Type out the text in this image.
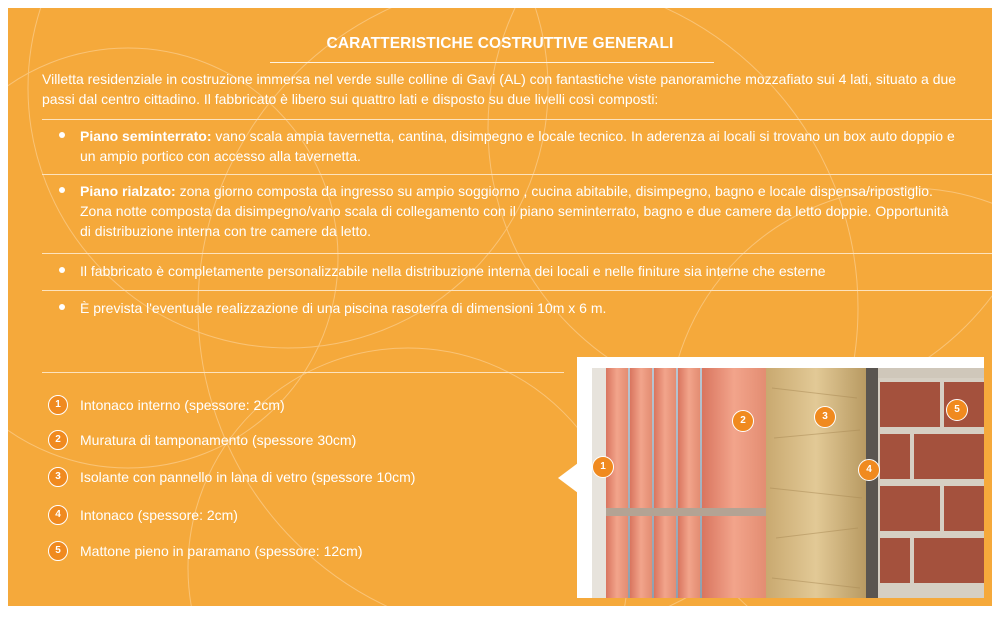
CARATTERISTICHE COSTRUTTIVE GENERALI
Villetta residenziale in costruzione immersa nel verde sulle colline di Gavi (AL) con fantastiche viste panoramiche mozzafiato sui 4 lati, situato a due passi dal centro cittadino. Il fabbricato è libero sui quattro lati e disposto su due livelli così composti:
Piano seminterrato: vano scala ampia tavernetta, cantina, disimpegno e locale tecnico. In aderenza ai locali si trovano un box auto doppio e un ampio portico con accesso alla tavernetta.
Piano rialzato: zona giorno composta da ingresso su ampio soggiorno , cucina abitabile, disimpegno, bagno e locale dispensa/ripostiglio. Zona notte composta da disimpegno/vano scala di collegamento con il piano seminterrato, bagno e due camere da letto doppie. Opportunità di distribuzione interna con tre camere da letto.
Il fabbricato è completamente personalizzabile nella distribuzione interna dei locali e nelle finiture sia interne che esterne
È prevista l'eventuale realizzazione di una piscina rasoterra di dimensioni 10m x 6 m.
1	Intonaco interno (spessore: 2cm)
2	Muratura di tamponamento (spessore 30cm)
3	Isolante con pannello in lana di vetro (spessore 10cm)
4	Intonaco (spessore: 2cm)
5	Mattone pieno in paramano (spessore: 12cm)
1
2	3
4
5
